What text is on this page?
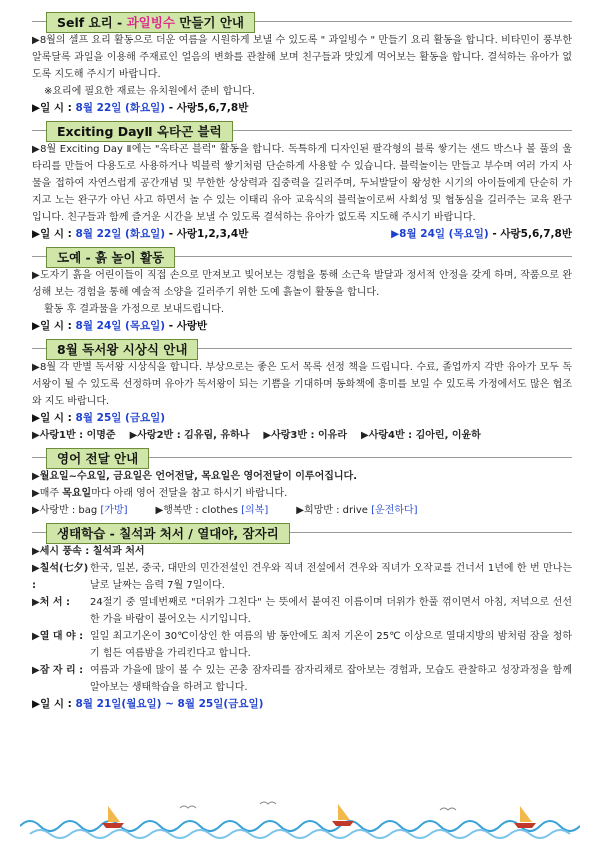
Self 요리 - 과일빙수 만들기 안내

▶8월의 셀프 요리 활동으로 더운 여름을 시원하게 보낼 수 있도록 " 과일빙수 " 만들기 요리 활동을 합니다. 비타민이 풍부한 알록달록 과일을 이용해 주재료인 얼음의 변화를 관찰해 보며 친구들과 맛있게 먹어보는 활동을 합니다. 결석하는 유아가 없도록 지도해 주시기 바랍니다.

※요리에 필요한 재료는 유치원에서 준비 합니다.

▶일 시 : 8월 22일 (화요일) - 사랑5,6,7,8반
Exciting DayⅡ 옥타곤 블럭

▶8월 Exciting Day Ⅱ에는 "옥타곤 블럭" 활동을 합니다. 독특하게 디자인된 팔각형의 블록 쌓기는 샌드 박스나 볼 풀의 울타리를 만들어 다용도로 사용하거나 빅블럭 쌓기처럼 단순하게 사용할 수 있습니다. 블럭놀이는 만들고 부수며 여러 가지 사물을 접하여 자연스럽게 공간개념 및 무한한 상상력과 집중력을 길러주며, 두뇌발달이 왕성한 시기의 아이들에게 단순히 가지고 노는 완구가 아닌 사고 하면서 놀 수 있는 이태리 유아 교육식의 블럭놀이로써 사회성 및 협동심을 길러주는 교육 완구입니다. 친구들과 함께 즐거운 시간을 보낼 수 있도록 결석하는 유아가 없도록 지도해 주시기 바랍니다.

▶일 시 : 8월 22일 (화요일) - 사랑1,2,3,4반	▶8월 24일 (목요일) - 사랑5,6,7,8반
도예 - 흙 놀이 활동

▶도자기 흙을 어린이들이 직접 손으로 만져보고 빚어보는 경험을 통해 소근육 발달과 정서적 안정을 갖게 하며, 작품으로 완성해 보는 경험을 통해 예술적 소양을 길러주기 위한 도예 흙놀이 활동을 합니다.

활동 후 결과물을 가정으로 보내드립니다.

▶일 시 : 8월 24일 (목요일) - 사랑반
8월 독서왕 시상식 안내

▶8월 각 반별 독서왕 시상식을 합니다. 부상으로는 좋은 도서 목록 선정 책을 드립니다. 수료, 졸업까지 각반 유아가 모두 독서왕이 될 수 있도록 선정하며 유아가 독서왕이 되는 기쁨을 기대하며 동화책에 흥미를 보일 수 있도록 가정에서도 많은 협조와 지도 바랍니다.

▶일 시 : 8월 25일 (금요일)
▶사랑1반 : 이명준 ▶사랑2반 : 김유림, 유하나 ▶사랑3반 : 이유라 ▶사랑4반 : 김아린, 이윤하
영어 전달 안내

▶월요일~수요일, 금요일은 언어전달, 목요일은 영어전달이 이루어집니다.

▶매주 목요일마다 아래 영어 전달을 참고 하시기 바랍니다.

▶사랑반 : bag [가방]	▶행복반 : clothes [의복]	▶희망반 : drive [운전하다]
생태학습 - 칠석과 처서 / 열대야, 잠자리

▶세시 풍속 : 칠석과 처서

▶칠석(七夕) :
한국, 일본, 중국, 대만의 민간전설인 견우와 직녀 전설에서 견우와 직녀가 오작교를 건너서 1년에 한 번 만나는 날로 날짜는 음력 7월 7일이다.
▶처 서 :	24절기 중 열네번째로 "더위가 그친다" 는 뜻에서 붙여진 이름이며 더위가 한풀 꺾이면서 아침, 저녁으로 선선한 가을 바람이 불어오는 시기입니다.
▶열 대 야 : 일일 최고기온이 30℃이상인 한 여름의 밤 동안에도 최저 기온이 25℃ 이상으로 열대지방의 밤처럼 잠을 청하기 힘든 여름밤을 가리킨다고 합니다.
▶잠 자 리 : 여름과 가을에 많이 볼 수 있는 곤충 잠자리를 잠자리채로 잡아보는 경험과, 모습도 관찰하고 성장과정을 함께 알아보는 생태학습을 하려고 합니다.
▶일 시 : 8월 21일(월요일) ~ 8월 25일(금요일)
